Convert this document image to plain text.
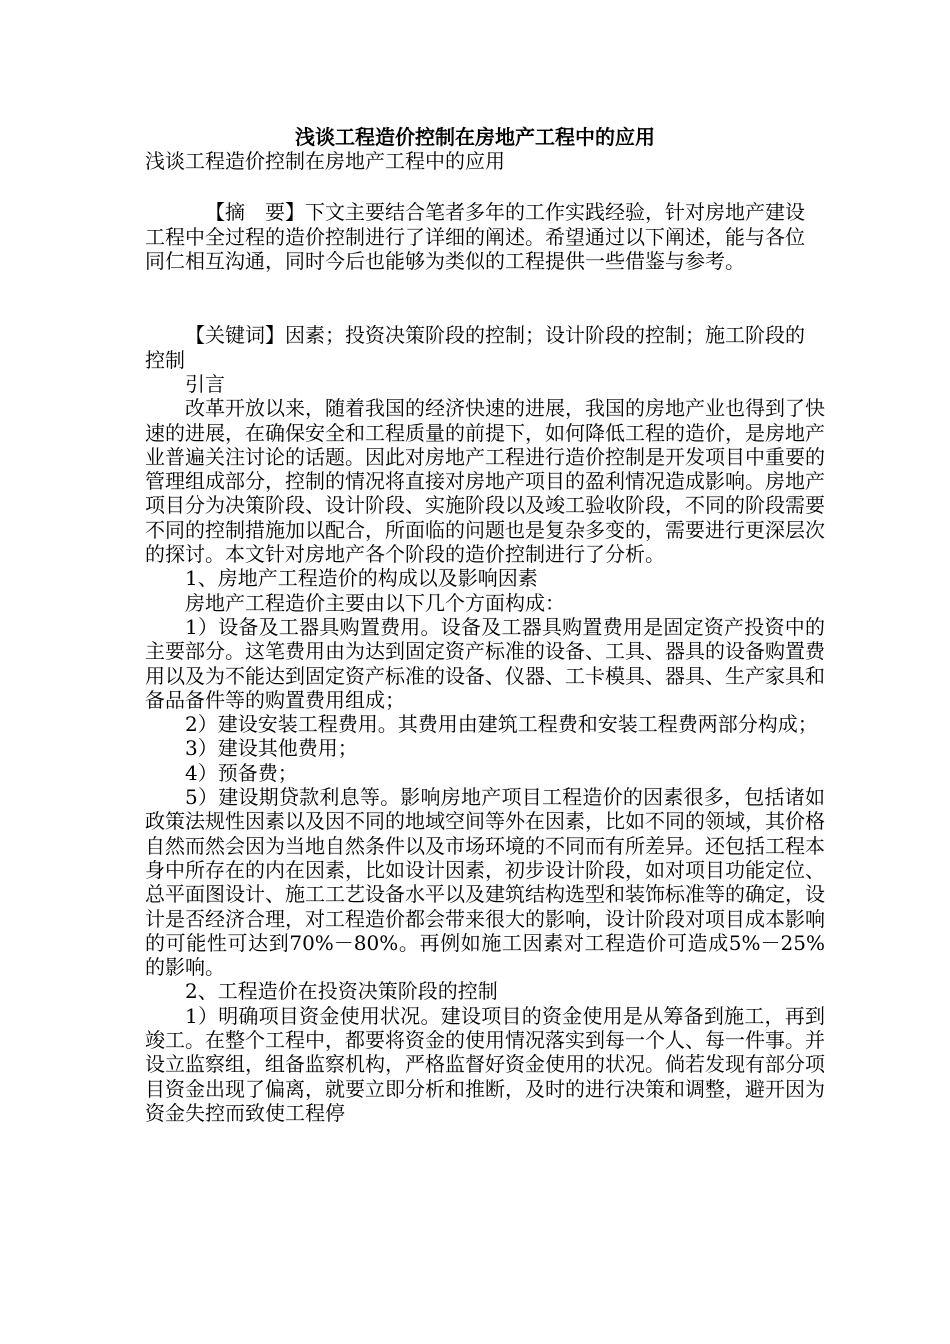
浅谈工程造价控制在房地产工程中的应用
浅谈工程造价控制在房地产工程中的应用

【摘　要】下文主要结合笔者多年的工作实践经验，针对房地产建设工程中全过程的造价控制进行了详细的阐述。希望通过以下阐述，能与各位同仁相互沟通，同时今后也能够为类似的工程提供一些借鉴与参考。

【关键词】因素；投资决策阶段的控制；设计阶段的控制；施工阶段的控制

引言

改革开放以来，随着我国的经济快速的进展，我国的房地产业也得到了快速的进展，在确保安全和工程质量的前提下，如何降低工程的造价，是房地产业普遍关注讨论的话题。因此对房地产工程进行造价控制是开发项目中重要的管理组成部分，控制的情况将直接对房地产项目的盈利情况造成影响。房地产项目分为决策阶段、设计阶段、实施阶段以及竣工验收阶段，不同的阶段需要不同的控制措施加以配合，所面临的问题也是复杂多变的，需要进行更深层次的探讨。本文针对房地产各个阶段的造价控制进行了分析。

1、房地产工程造价的构成以及影响因素

房地产工程造价主要由以下几个方面构成：

1）设备及工器具购置费用。设备及工器具购置费用是固定资产投资中的主要部分。这笔费用由为达到固定资产标准的设备、工具、器具的设备购置费用以及为不能达到固定资产标准的设备、仪器、工卡模具、器具、生产家具和备品备件等的购置费用组成；

2）建设安装工程费用。其费用由建筑工程费和安装工程费两部分构成；

3）建设其他费用；

4）预备费；

5）建设期贷款利息等。影响房地产项目工程造价的因素很多，包括诸如政策法规性因素以及因不同的地域空间等外在因素，比如不同的领域，其价格自然而然会因为当地自然条件以及市场环境的不同而有所差异。还包括工程本身中所存在的内在因素，比如设计因素，初步设计阶段，如对项目功能定位、总平面图设计、施工工艺设备水平以及建筑结构选型和装饰标准等的确定，设计是否经济合理，对工程造价都会带来很大的影响，设计阶段对项目成本影响的可能性可达到70%－80%。再例如施工因素对工程造价可造成5%－25%的影响。

2、工程造价在投资决策阶段的控制

1）明确项目资金使用状况。建设项目的资金使用是从筹备到施工，再到竣工。在整个工程中，都要将资金的使用情况落实到每一个人、每一件事。并设立监察组，组备监察机构，严格监督好资金使用的状况。倘若发现有部分项目资金出现了偏离，就要立即分析和推断，及时的进行决策和调整，避开因为资金失控而致使工程停
